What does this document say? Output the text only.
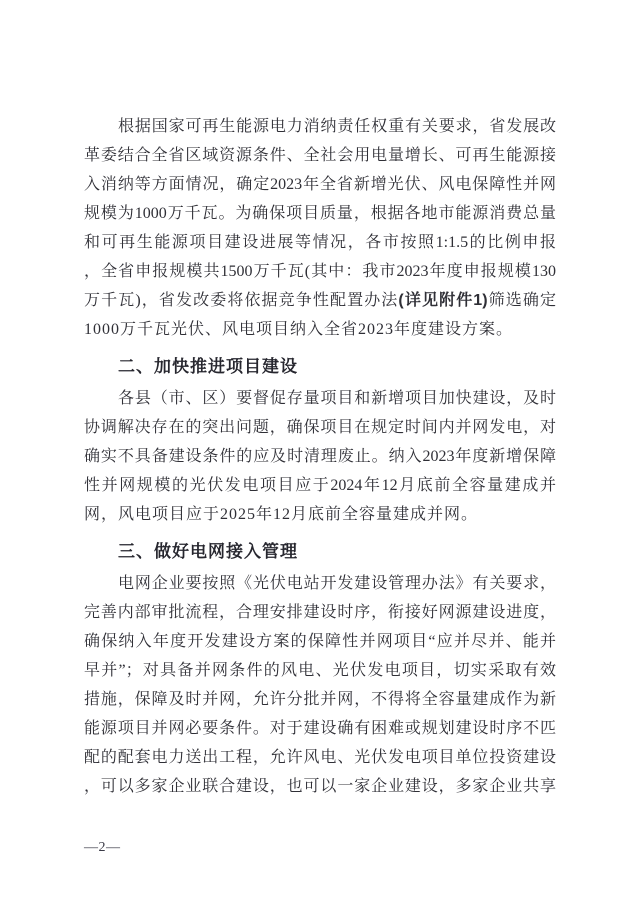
根据国家可再生能源电力消纳责任权重有关要求，省发展改
革委结合全省区域资源条件、全社会用电量增长、可再生能源接
入消纳等方面情况，确定2023年全省新增光伏、风电保障性并网
规模为1000万千瓦。为确保项目质量，根据各地市能源消费总量
和可再生能源项目建设进展等情况，各市按照1:1.5的比例申报
，全省申报规模共1500万千瓦(其中：我市2023年度申报规模130
万千瓦)，省发改委将依据竞争性配置办法(详见附件1)筛选确定
1000万千瓦光伏、风电项目纳入全省2023年度建设方案。
二、加快推进项目建设
各县（市、区）要督促存量项目和新增项目加快建设，及时
协调解决存在的突出问题，确保项目在规定时间内并网发电，对
确实不具备建设条件的应及时清理废止。纳入2023年度新增保障
性并网规模的光伏发电项目应于2024年12月底前全容量建成并
网，风电项目应于2025年12月底前全容量建成并网。
三、做好电网接入管理
电网企业要按照《光伏电站开发建设管理办法》有关要求，
完善内部审批流程，合理安排建设时序，衔接好网源建设进度，
确保纳入年度开发建设方案的保障性并网项目“应并尽并、能并
早并”；对具备并网条件的风电、光伏发电项目，切实采取有效
措施，保障及时并网，允许分批并网，不得将全容量建成作为新
能源项目并网必要条件。对于建设确有困难或规划建设时序不匹
配的配套电力送出工程，允许风电、光伏发电项目单位投资建设
，可以多家企业联合建设，也可以一家企业建设，多家企业共享
—2—
